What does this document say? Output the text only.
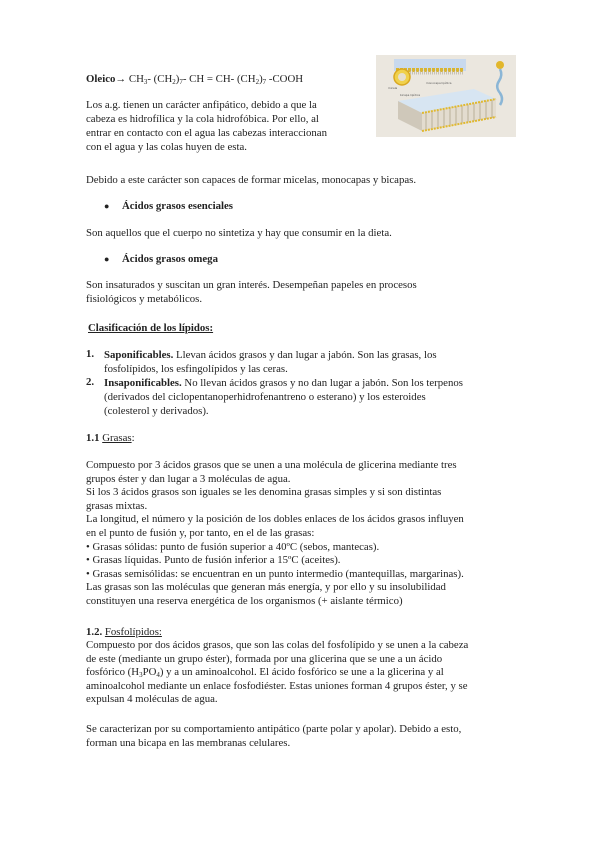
Oleico→ $CH_3-$ $(CH_2)_7-$ CH = CH- $(CH_2)_7$ -COOH
Los a.g. tienen un carácter anfipático, debido a que la
cabeza es hidrofílica y la cola hidrofóbica. Por ello, al
entrar en contacto con el agua las cabezas interaccionan
con el agua y las colas huyen de esta.
monocapa lipídica
bicapa lipídica
micela
Debido a este carácter son capaces de formar micelas, monocapas y bicapas.
● Ácidos grasos esenciales
Son aquellos que el cuerpo no sintetiza y hay que consumir en la dieta.
● Ácidos grasos omega
Son insaturados y suscitan un gran interés. Desempeñan papeles en procesos
fisiológicos y metabólicos.
Clasificación de los lípidos:
1. Saponificables. Llevan ácidos grasos y dan lugar a jabón. Son las grasas, los
fosfolípidos, los esfingolípidos y las ceras.
2. Insaponificables. No llevan ácidos grasos y no dan lugar a jabón. Son los terpenos
(derivados del ciclopentanoperhidrofenantreno o esterano) y los esteroides
(colesterol y derivados).
1.1 Grasas:
Compuesto por 3 ácidos grasos que se unen a una molécula de glicerina mediante tres
grupos éster y dan lugar a 3 moléculas de agua.
Si los 3 ácidos grasos son iguales se les denomina grasas simples y si son distintas
grasas mixtas.
La longitud, el número y la posición de los dobles enlaces de los ácidos grasos influyen
en el punto de fusión y, por tanto, en el de las grasas:
• Grasas sólidas: punto de fusión superior a 40ºC (sebos, mantecas).
• Grasas líquidas. Punto de fusión inferior a 15ºC (aceites).
• Grasas semisólidas: se encuentran en un punto intermedio (mantequillas, margarinas).
Las grasas son las moléculas que generan más energía, y por ello y su insolubilidad
constituyen una reserva energética de los organismos (+ aislante térmico)
1.2. Fosfolípidos:
Compuesto por dos ácidos grasos, que son las colas del fosfolípido y se unen a la cabeza
de este (mediante un grupo éster), formada por una glicerina que se une a un ácido
fosfórico $(H_3PO_4)$ y a un aminoalcohol. El ácido fosfórico se une a la glicerina y al
aminoalcohol mediante un enlace fosfodiéster. Estas uniones forman 4 grupos éster, y se
expulsan 4 moléculas de agua.
Se caracterizan por su comportamiento antipático (parte polar y apolar). Debido a esto,
forman una bicapa en las membranas celulares.
